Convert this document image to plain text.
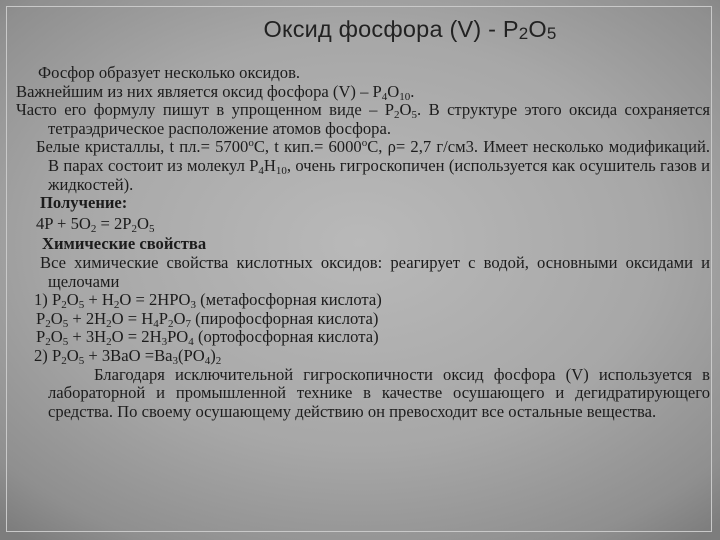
Оксид фосфора $(V) - P_2O_5$

Фосфор образует несколько оксидов.

Важнейшим из них является оксид фосфора $(V) - P_4O_{10}$.

Часто его формулу пишут в упрощенном виде – $P_2O_5$. В структуре этого оксида сохраняется тетраэдрическое расположение атомов фосфора.

Белые кристаллы, t $пл.= 5700^оС$, t $кип.= 6000^оС$, ρ= 2,7 г/см3. Имеет несколько модификаций. В парах состоит из молекул $P_4H_{10}$, очень гигроскопичен (используется как осушитель газов и жидкостей).

Получение:

$4P + 5O_2 = 2P_2O_5$

Химические свойства

Все химические свойства кислотных оксидов: реагирует с водой, основными оксидами и щелочами

1) $P_2O_5 + H_2O = 2HPO_3$ (метафосфорная кислота)

$P_2O_5 + 2H_2O = H_4P_2O_7$ (пирофосфорная кислота)

$P_2O_5 + 3H_2O = 2H_3PO_4$ (ортофосфорная кислота)

2) $P_2O_5 + 3BaO =Ba_3(PO_4)_2$

Благодаря исключительной гигроскопичности оксид фосфора (V) используется в лабораторной и промышленной технике в качестве осушающего и дегидратирующего средства. По своему осушающему действию он превосходит все остальные вещества.
